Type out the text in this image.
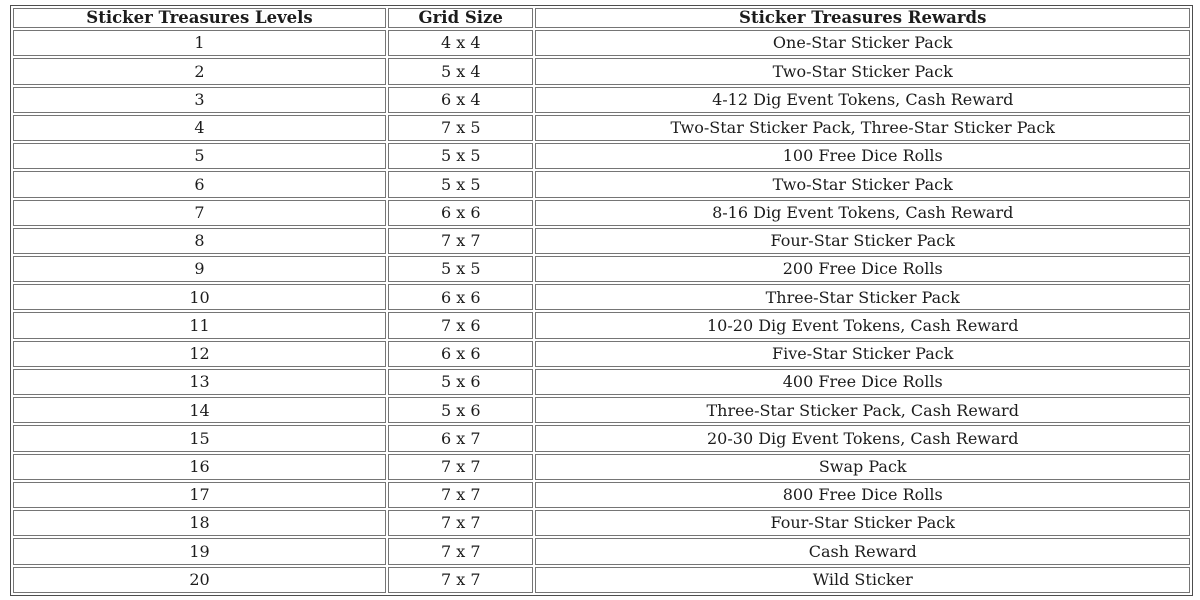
Sticker Treasures Levels	Grid Size	Sticker Treasures Rewards
1	4 x 4	One-Star Sticker Pack
2	5 x 4	Two-Star Sticker Pack
3	6 x 4	4-12 Dig Event Tokens, Cash Reward
4	7 x 5	Two-Star Sticker Pack, Three-Star Sticker Pack
5	5 x 5	100 Free Dice Rolls
6	5 x 5	Two-Star Sticker Pack
7	6 x 6	8-16 Dig Event Tokens, Cash Reward
8	7 x 7	Four-Star Sticker Pack
9	5 x 5	200 Free Dice Rolls
10	6 x 6	Three-Star Sticker Pack
11	7 x 6	10-20 Dig Event Tokens, Cash Reward
12	6 x 6	Five-Star Sticker Pack
13	5 x 6	400 Free Dice Rolls
14	5 x 6	Three-Star Sticker Pack, Cash Reward
15	6 x 7	20-30 Dig Event Tokens, Cash Reward
16	7 x 7	Swap Pack
17	7 x 7	800 Free Dice Rolls
18	7 x 7	Four-Star Sticker Pack
19	7 x 7	Cash Reward
20	7 x 7	Wild Sticker
